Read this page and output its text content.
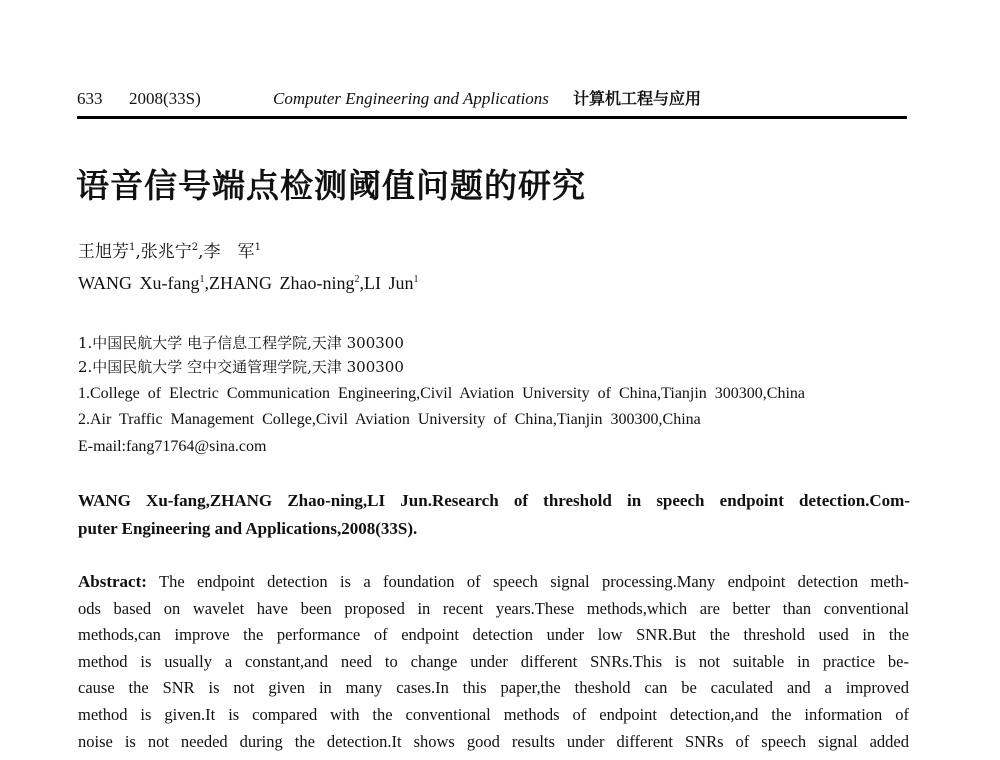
633 2008(33S)	Computer Engineering and Applications 计算机工程与应用
语音信号端点检测阈值问题的研究
王旭芳$^1$,张兆宁$^2$,李　军$^1$
WANG Xu-fang$^1$,ZHANG Zhao-ning$^2$,LI Jun$^1$
1.中国民航大学 电子信息工程学院,天津 300300
2.中国民航大学 空中交通管理学院,天津 300300
1.College of Electric Communication Engineering,Civil Aviation University of China,Tianjin 300300,China
2.Air Traffic Management College,Civil Aviation University of China,Tianjin 300300,China
E-mail:fang71764@sina.com
WANG Xu-fang,ZHANG Zhao-ning,LI Jun.Research of threshold in speech endpoint detection.Com-
puter Engineering and Applications,2008(33S).
Abstract: The endpoint detection is a foundation of speech signal processing.Many endpoint detection meth-
ods based on wavelet have been proposed in recent years.These methods,which are better than conventional
methods,can improve the performance of endpoint detection under low SNR.But the threshold used in the
method is usually a constant,and need to change under different SNRs.This is not suitable in practice be-
cause the SNR is not given in many cases.In this paper,the theshold can be caculated and a improved
method is given.It is compared with the conventional methods of endpoint detection,and the information of
noise is not needed during the detection.It shows good results under different SNRs of speech signal added
